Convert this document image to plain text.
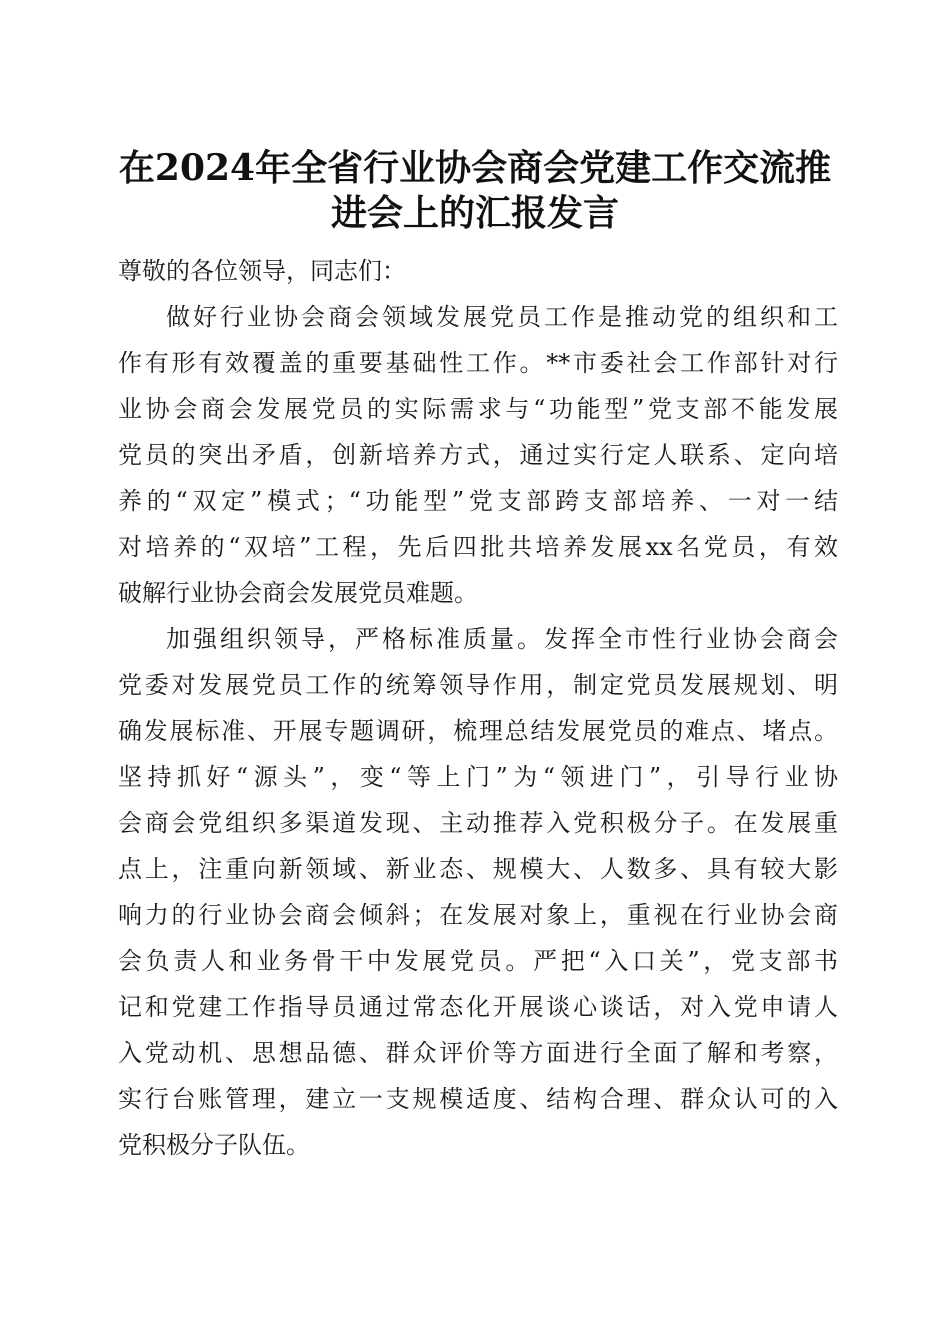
在2024年全省行业协会商会党建工作交流推
进会上的汇报发言
尊敬的各位领导，同志们：
做好行业协会商会领域发展党员工作是推动党的组织和工
作有形有效覆盖的重要基础性工作。**市委社会工作部针对行
业协会商会发展党员的实际需求与“功能型”党支部不能发展
党员的突出矛盾，创新培养方式，通过实行定人联系、定向培
养的“双定”模式；“功能型”党支部跨支部培养、一对一结
对培养的“双培”工程，先后四批共培养发展xx名党员，有效
破解行业协会商会发展党员难题。
加强组织领导，严格标准质量。发挥全市性行业协会商会
党委对发展党员工作的统筹领导作用，制定党员发展规划、明
确发展标准、开展专题调研，梳理总结发展党员的难点、堵点。
坚持抓好“源头”，变“等上门”为“领进门”，引导行业协
会商会党组织多渠道发现、主动推荐入党积极分子。在发展重
点上，注重向新领域、新业态、规模大、人数多、具有较大影
响力的行业协会商会倾斜；在发展对象上，重视在行业协会商
会负责人和业务骨干中发展党员。严把“入口关”，党支部书
记和党建工作指导员通过常态化开展谈心谈话，对入党申请人
入党动机、思想品德、群众评价等方面进行全面了解和考察，
实行台账管理，建立一支规模适度、结构合理、群众认可的入
党积极分子队伍。
